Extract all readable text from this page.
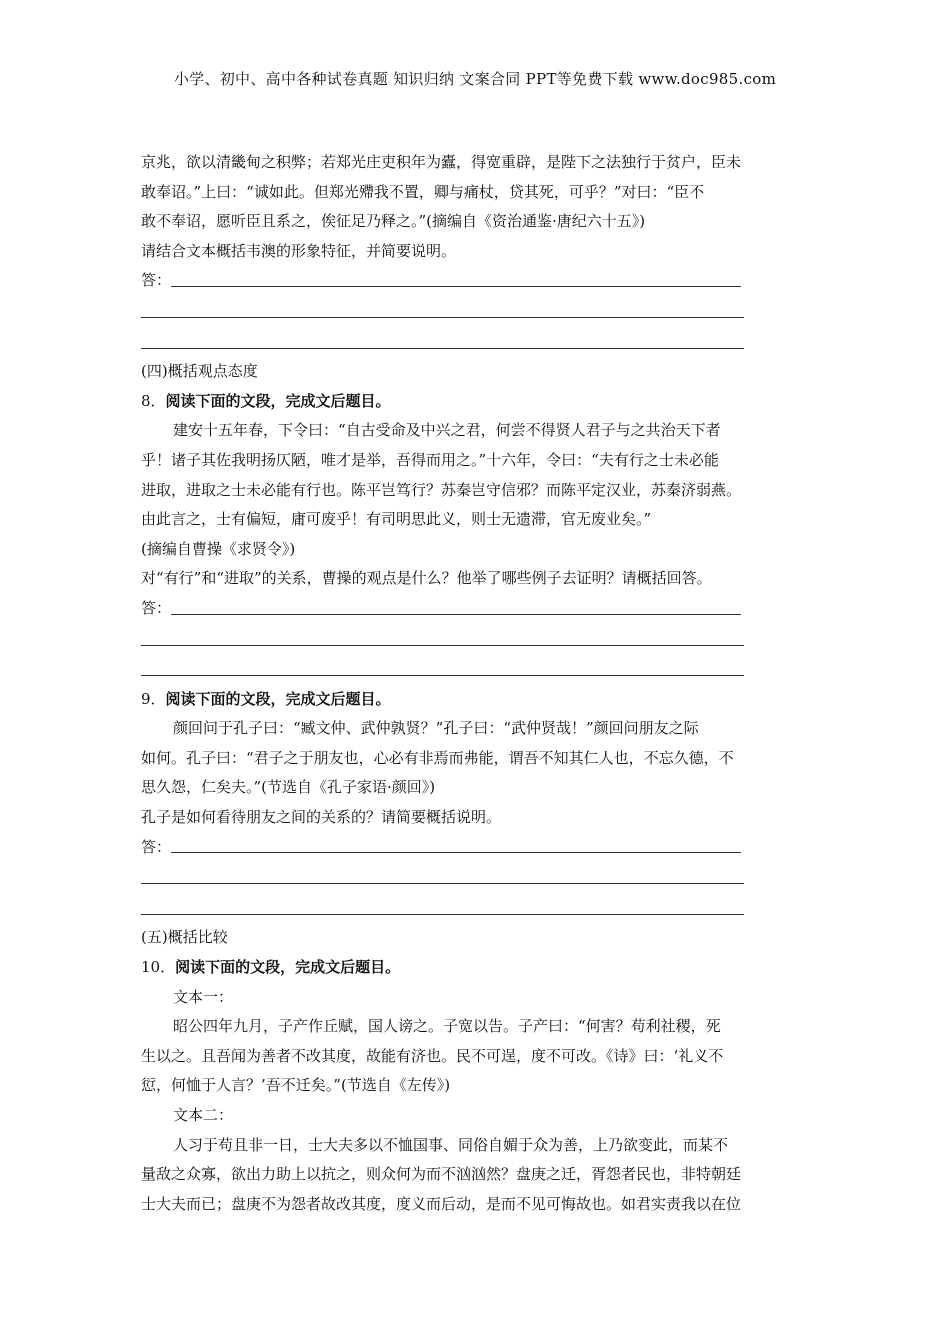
小学、初中、高中各种试卷真题 知识归纳 文案合同 PPT等免费下载 www.doc985.com

京兆，欲以清畿甸之积弊；若郑光庄吏积年为蠹，得宽重辟，是陛下之法独行于贫户，臣未

敢奉诏。”上曰：“诚如此。但郑光殢我不置，卿与痛杖，贷其死，可乎？”对曰：“臣不

敢不奉诏，愿听臣且系之，俟征足乃释之。”(摘编自《资治通鉴·唐纪六十五》)

请结合文本概括韦澳的形象特征，并简要说明。

答：

(四)概括观点态度

8．阅读下面的文段，完成文后题目。

建安十五年春，下令曰：“自古受命及中兴之君，何尝不得贤人君子与之共治天下者

乎！诸子其佐我明扬仄陋，唯才是举，吾得而用之。”十六年，令曰：“夫有行之士未必能

进取，进取之士未必能有行也。陈平岂笃行？苏秦岂守信邪？而陈平定汉业，苏秦济弱燕。

由此言之，士有偏短，庸可废乎！有司明思此义，则士无遗滞，官无废业矣。”

(摘编自曹操《求贤令》)

对“有行”和“进取”的关系，曹操的观点是什么？他举了哪些例子去证明？请概括回答。

答：

9．阅读下面的文段，完成文后题目。

颜回问于孔子曰：“臧文仲、武仲孰贤？”孔子曰：“武仲贤哉！”颜回问朋友之际

如何。孔子曰：“君子之于朋友也，心必有非焉而弗能，谓吾不知其仁人也，不忘久德，不

思久怨，仁矣夫。”(节选自《孔子家语·颜回》)

孔子是如何看待朋友之间的关系的？请简要概括说明。

答：

(五)概括比较

10．阅读下面的文段，完成文后题目。

文本一：

昭公四年九月，子产作丘赋，国人谤之。子宽以告。子产曰：“何害？苟利社稷，死

生以之。且吾闻为善者不改其度，故能有济也。民不可逞，度不可改。《诗》曰：‘礼义不

愆，何恤于人言？’吾不迁矣。”(节选自《左传》)

文本二：

人习于苟且非一日，士大夫多以不恤国事、同俗自媚于众为善，上乃欲变此，而某不

量敌之众寡，欲出力助上以抗之，则众何为而不汹汹然？盘庚之迁，胥怨者民也，非特朝廷

士大夫而已；盘庚不为怨者故改其度，度义而后动，是而不见可悔故也。如君实责我以在位
